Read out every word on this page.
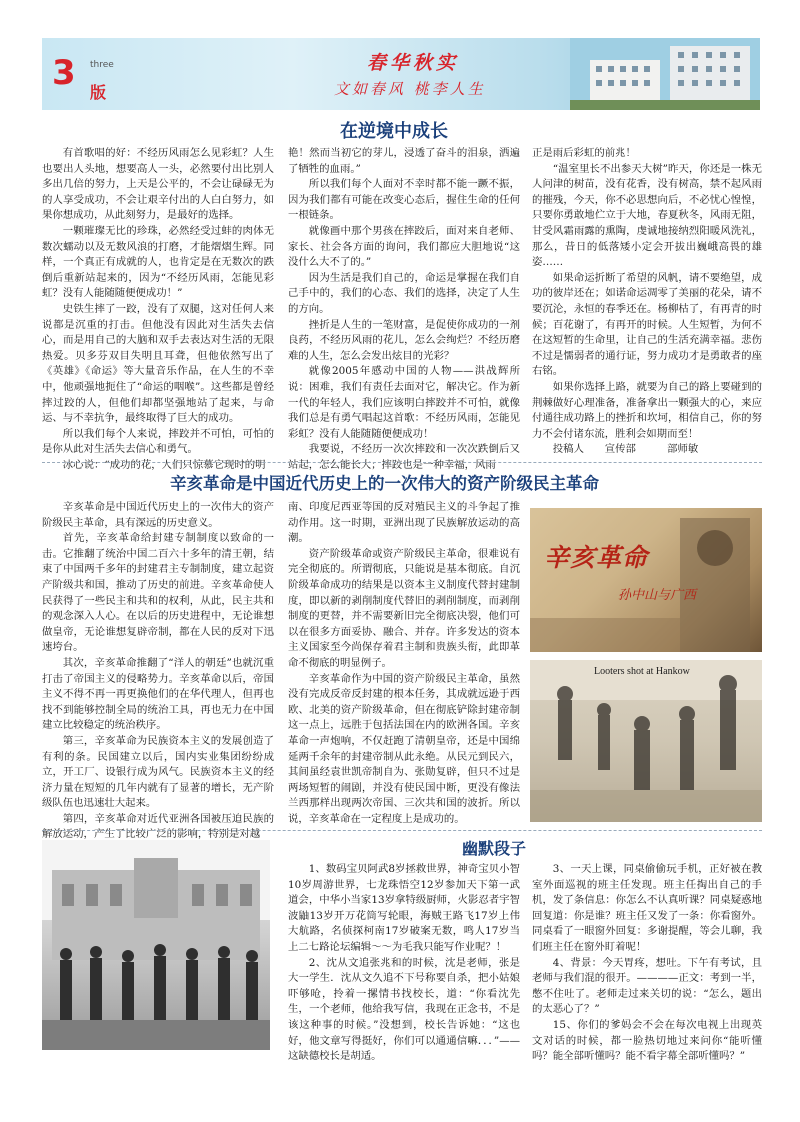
3 three
版
春华秋实
文如春风 桃李人生
在逆境中成长

有首歌唱的好：不经历风雨怎么见彩虹？人生也要出人头地，想要高人一头，必然要付出比别人多出几倍的努力，上天是公平的，不会让碌碌无为的人享受成功，不会让艰辛付出的人白白努力，如果你想成功，从此刻努力，是最好的选择。

一颗璀璨无比的珍珠，必然经受过蚌的肉体无数次蠕动以及无数风浪的打磨，才能熠熠生辉。同样，一个真正有成就的人，也肯定是在无数次的跌倒后重新站起来的，因为“不经历风雨，怎能见彩虹？没有人能随随便便成功！”

史铁生摔了一跤，没有了双腿，这对任何人来说都是沉重的打击。但他没有因此对生活失去信心，而是用自己的大脑和双手去表达对生活的无限热爱。贝多芬双目失明且耳聋，但他依然写出了《英雄》《命运》等大量音乐作品，在人生的不幸中，他顽强地扼住了“命运的咽喉”。这些都是曾经摔过跤的人，但他们却都坚强地站了起来，与命运、与不幸抗争，最终取得了巨大的成功。

所以我们每个人来说，摔跤并不可怕，可怕的是你从此对生活失去信心和勇气。

冰心说：“成功的花，人们只惊慕它现时的明

艳！然而当初它的芽儿，浸透了奋斗的泪泉，洒遍了牺牲的血雨。”

所以我们每个人面对不幸时都不能一蹶不振，因为我们都有可能在改变心态后，握住生命的任何一根链条。

就像画中那个男孩在摔跤后，面对来自老师、家长、社会各方面的询问，我们都应大胆地说“这没什么大不了的。”

因为生活是我们自己的，命运是掌握在我们自己手中的，我们的心态、我们的选择，决定了人生的方向。

挫折是人生的一笔财富，是促使你成功的一剂良药，不经历风雨的花儿，怎么会绚烂？不经历磨难的人生，怎么会发出炫目的光彩？

就像2005年感动中国的人物——洪战辉所说：困难，我们有责任去面对它，解决它。作为新一代的年轻人，我们应该明白摔跤并不可怕，就像我们总是有勇气唱起这首歌：不经历风雨，怎能见彩虹？没有人能随随便便成功！

我要说，不经历一次次摔跤和一次次跌倒后又站起，怎么能长大；摔跤也是一种幸福，风雨

正是雨后彩虹的前兆！

“温室里长不出参天大树”昨天，你还是一株无人问津的树苗，没有花香，没有树高，禁不起风雨的摧残，今天，你不必思想向后，不必忧心惶惶，只要你勇敢地伫立于大地，春夏秋冬，风雨无阻，甘受风霜雨露的熏陶，虔诚地接纳烈阳暖风洗礼，那么，昔日的低落矮小定会开拔出巍峨高畏的雄姿……

如果命运折断了希望的风帆，请不要绝望，成功的彼岸还在；如诺命运凋零了美丽的花朵，请不要沉沦，永恒的春季还在。杨柳枯了，有再青的时候；百花谢了，有再开的时候。人生短暂，为何不在这短暂的生命里，让自己的生活充满幸福。悲伤不过是懦弱者的通行证，努力成功才是勇敢者的座右铭。

如果你选择上路，就要为自己的路上要碰到的荆棘做好心理准备，准备拿出一颗强大的心，来应付通往成功路上的挫折和坎坷，相信自己，你的努力不会付诸东流，胜利会如期而至！

投稿人　　宣传部　　　部师敏

辛亥革命是中国近代历史上的一次伟大的资产阶级民主革命

辛亥革命是中国近代历史上的一次伟大的资产阶级民主革命，具有深远的历史意义。

首先，辛亥革命给封建专制制度以致命的一击。它推翻了统治中国二百六十多年的清王朝，结束了中国两千多年的封建君主专制制度，建立起资产阶级共和国，推动了历史的前进。辛亥革命使人民获得了一些民主和共和的权利，从此，民主共和的观念深入人心。在以后的历史进程中，无论谁想做皇帝，无论谁想复辟帝制，都在人民的反对下迅速垮台。

其次，辛亥革命推翻了“洋人的朝廷”也就沉重打击了帝国主义的侵略势力。辛亥革命以后，帝国主义不得不再一再更换他们的在华代理人，但再也找不到能够控制全局的统治工具，再也无力在中国建立比较稳定的统治秩序。

第三，辛亥革命为民族资本主义的发展创造了有利的条。民国建立以后，国内实业集团纷纷成立，开工厂、设银行成为风气。民族资本主义的经济力量在短短的几年内就有了显著的增长，无产阶级队伍也迅速壮大起来。

第四，辛亥革命对近代亚洲各国被压迫民族的解放运动，产生了比较广泛的影响，特别是对越

南、印度尼西亚等国的反对殖民主义的斗争起了推动作用。这一时期，亚洲出现了民族解放运动的高潮。

资产阶级革命或资产阶级民主革命，很难说有完全彻底的。所谓彻底，只能说是基本彻底。自沉阶级革命成功的结果是以资本主义制度代替封建制度，即以新的剥削制度代替旧的剥削制度，而剥削制度的更替，并不需要新旧完全彻底决裂，他们可以在很多方面妥协、融合、并存。许多发达的资本主义国家至今尚保存着君主制和贵族头衔，此即革命不彻底的明显例子。

辛亥革命作为中国的资产阶级民主革命，虽然没有完成反帝反封建的根本任务，其成就远逊于西欧、北美的资产阶级革命，但在彻底铲除封建帝制这一点上，远胜于包括法国在内的欧洲各国。辛亥革命一声炮响，不仅赶跑了清朝皇帝，还是中国绵延两千余年的封建帝制从此永绝。从民元到民六，其间虽经袁世凯帝制自为、张勋复辟，但只不过是两场短暂的闹剧，并没有使民国中断，更没有像法兰西那样出现两次帝国、三次共和国的波折。所以说，辛亥革命在一定程度上是成功的。

辛亥革命
孙中山与广西
Looters shot at Hankow
幽默段子

1、数码宝贝阿武8岁拯救世界，神奇宝贝小智10岁周游世界，七龙珠悟空12岁参加天下第一武道会，中华小当家13岁拿特级厨师，火影忍者宇智波鼬13岁开万花筒写轮眼，海贼王路飞17岁上伟大航路，名侦探柯南17岁破案无数，鸣人17岁当上二七路论坛编辑～～为毛我只能写作业呢？！

2、沈从文追张兆和的时候，沈是老师，张是大一学生．沈从文久追不下号称要自杀，把小姑娘吓够呛，拎着一摞情书找校长，道：“你看沈先生，一个老师，他给我写信，我现在正念书，不是该这种事的时候。”没想到，校长告诉她：“这也好，他文章写得挺好，你们可以通通信嘛．．．”——这缺德校长是胡适。

3、一天上课，同桌偷偷玩手机，正好被在教室外面巡视的班主任发现。班主任掏出自己的手机，发了条信息：你怎么不认真听课？同桌疑惑地回复道：你是谁？班主任又发了一条：你看窗外。同桌看了一眼窗外回复：多谢提醒，等会儿聊，我们班主任在窗外盯着呢！

4、背景：今天胃疼，想吐。下午有考试，且老师与我们混的很开。————正文：考到一半，憋不住吐了。老师走过来关切的说：“怎么，题出的太恶心了？”

15、你们的爹妈会不会在每次电视上出现英文对话的时候，都一脸热切地过来问你“能听懂吗？能全部听懂吗？能不看字幕全部听懂吗？”
